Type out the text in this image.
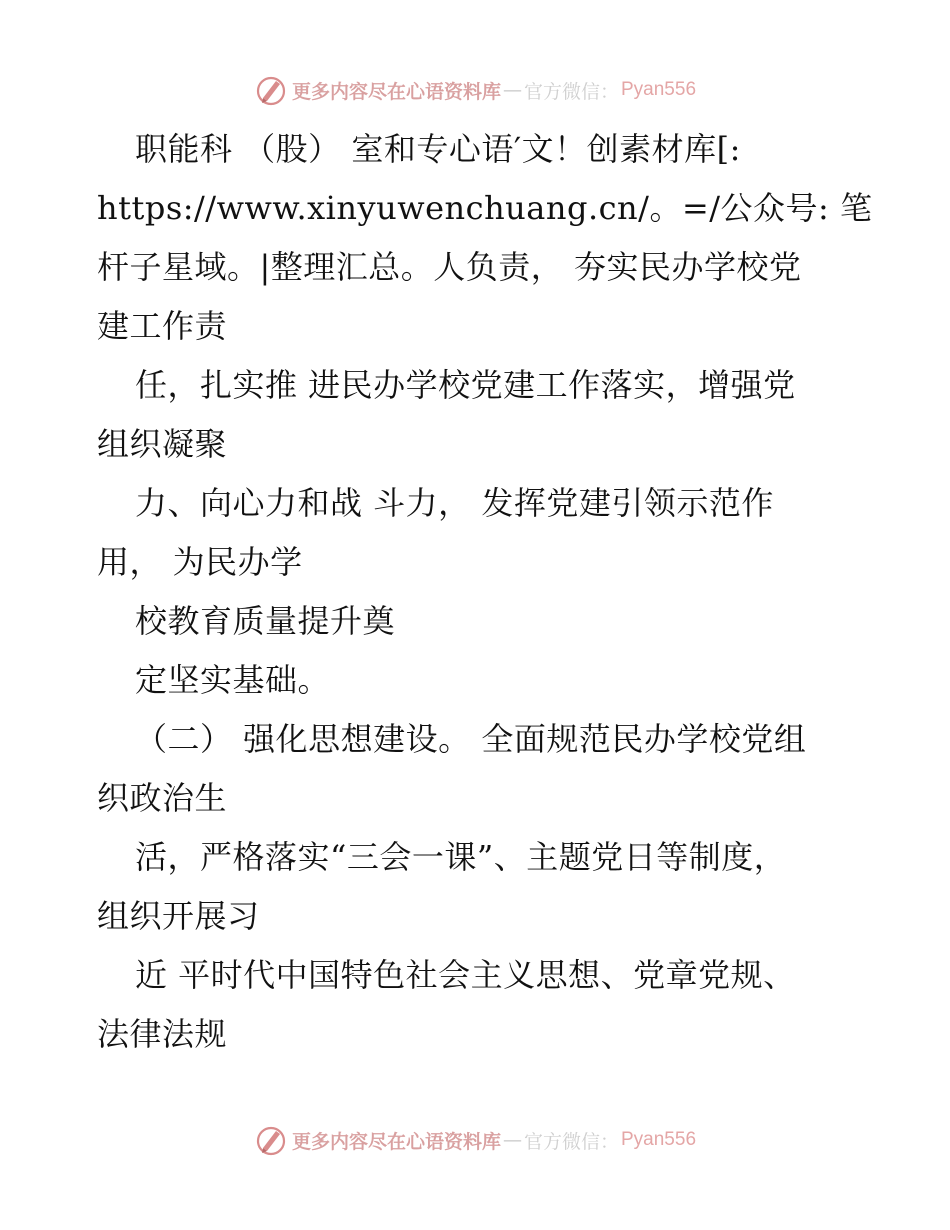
更多内容尽在心语资料库 — 官方微信： Pyan556
职能科 （股） 室和专心语′文！创素材库[:
https://www.xinyuwenchuang.cn/。=/公众号: 笔
杆子星域。|整理汇总。人负责， 夯实民办学校党
建工作责
任，扎实推 进民办学校党建工作落实，增强党
组织凝聚
力、向心力和战 斗力， 发挥党建引领示范作
用， 为民办学
校教育质量提升奠
定坚实基础。
（二） 强化思想建设。 全面规范民办学校党组
织政治生
活，严格落实“三会一课”、主题党日等制度，
组织开展习
近 平时代中国特色社会主义思想、党章党规、
法律法规
更多内容尽在心语资料库 — 官方微信： Pyan556
